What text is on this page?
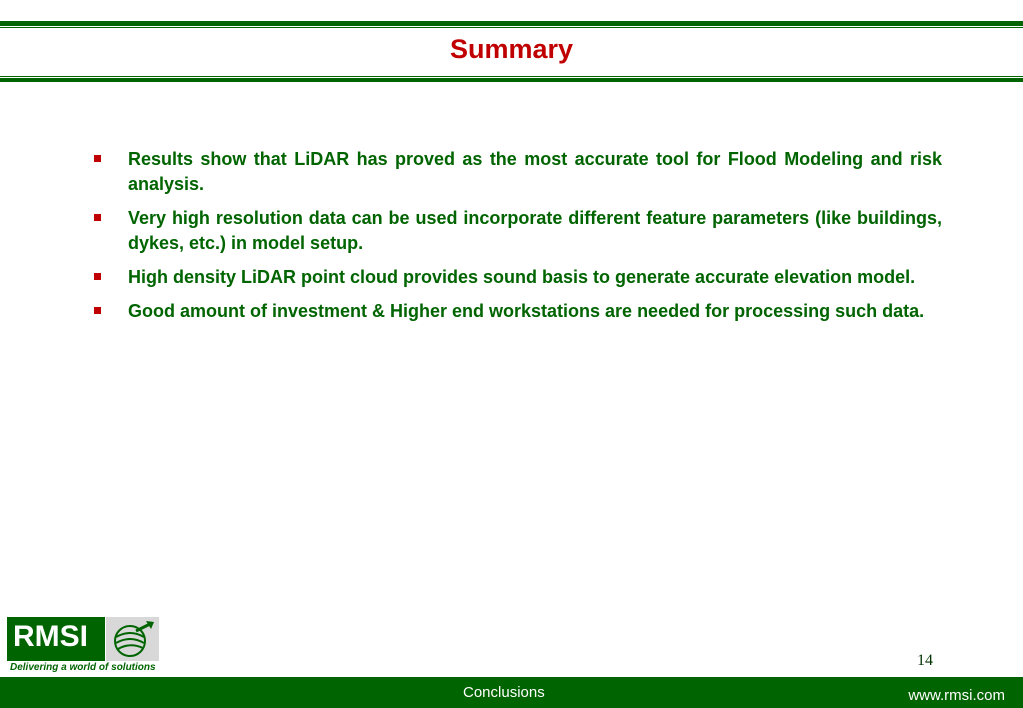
Summary
Results show that LiDAR has proved as the most accurate tool for Flood Modeling and risk analysis.
Very high resolution data can be used incorporate different feature parameters (like buildings, dykes, etc.) in model setup.
High density LiDAR point cloud provides sound basis to generate accurate elevation model.
Good amount of investment & Higher end workstations are needed for processing such data.
RMSI
Delivering a world of solutions	14
Conclusions	www.rmsi.com
